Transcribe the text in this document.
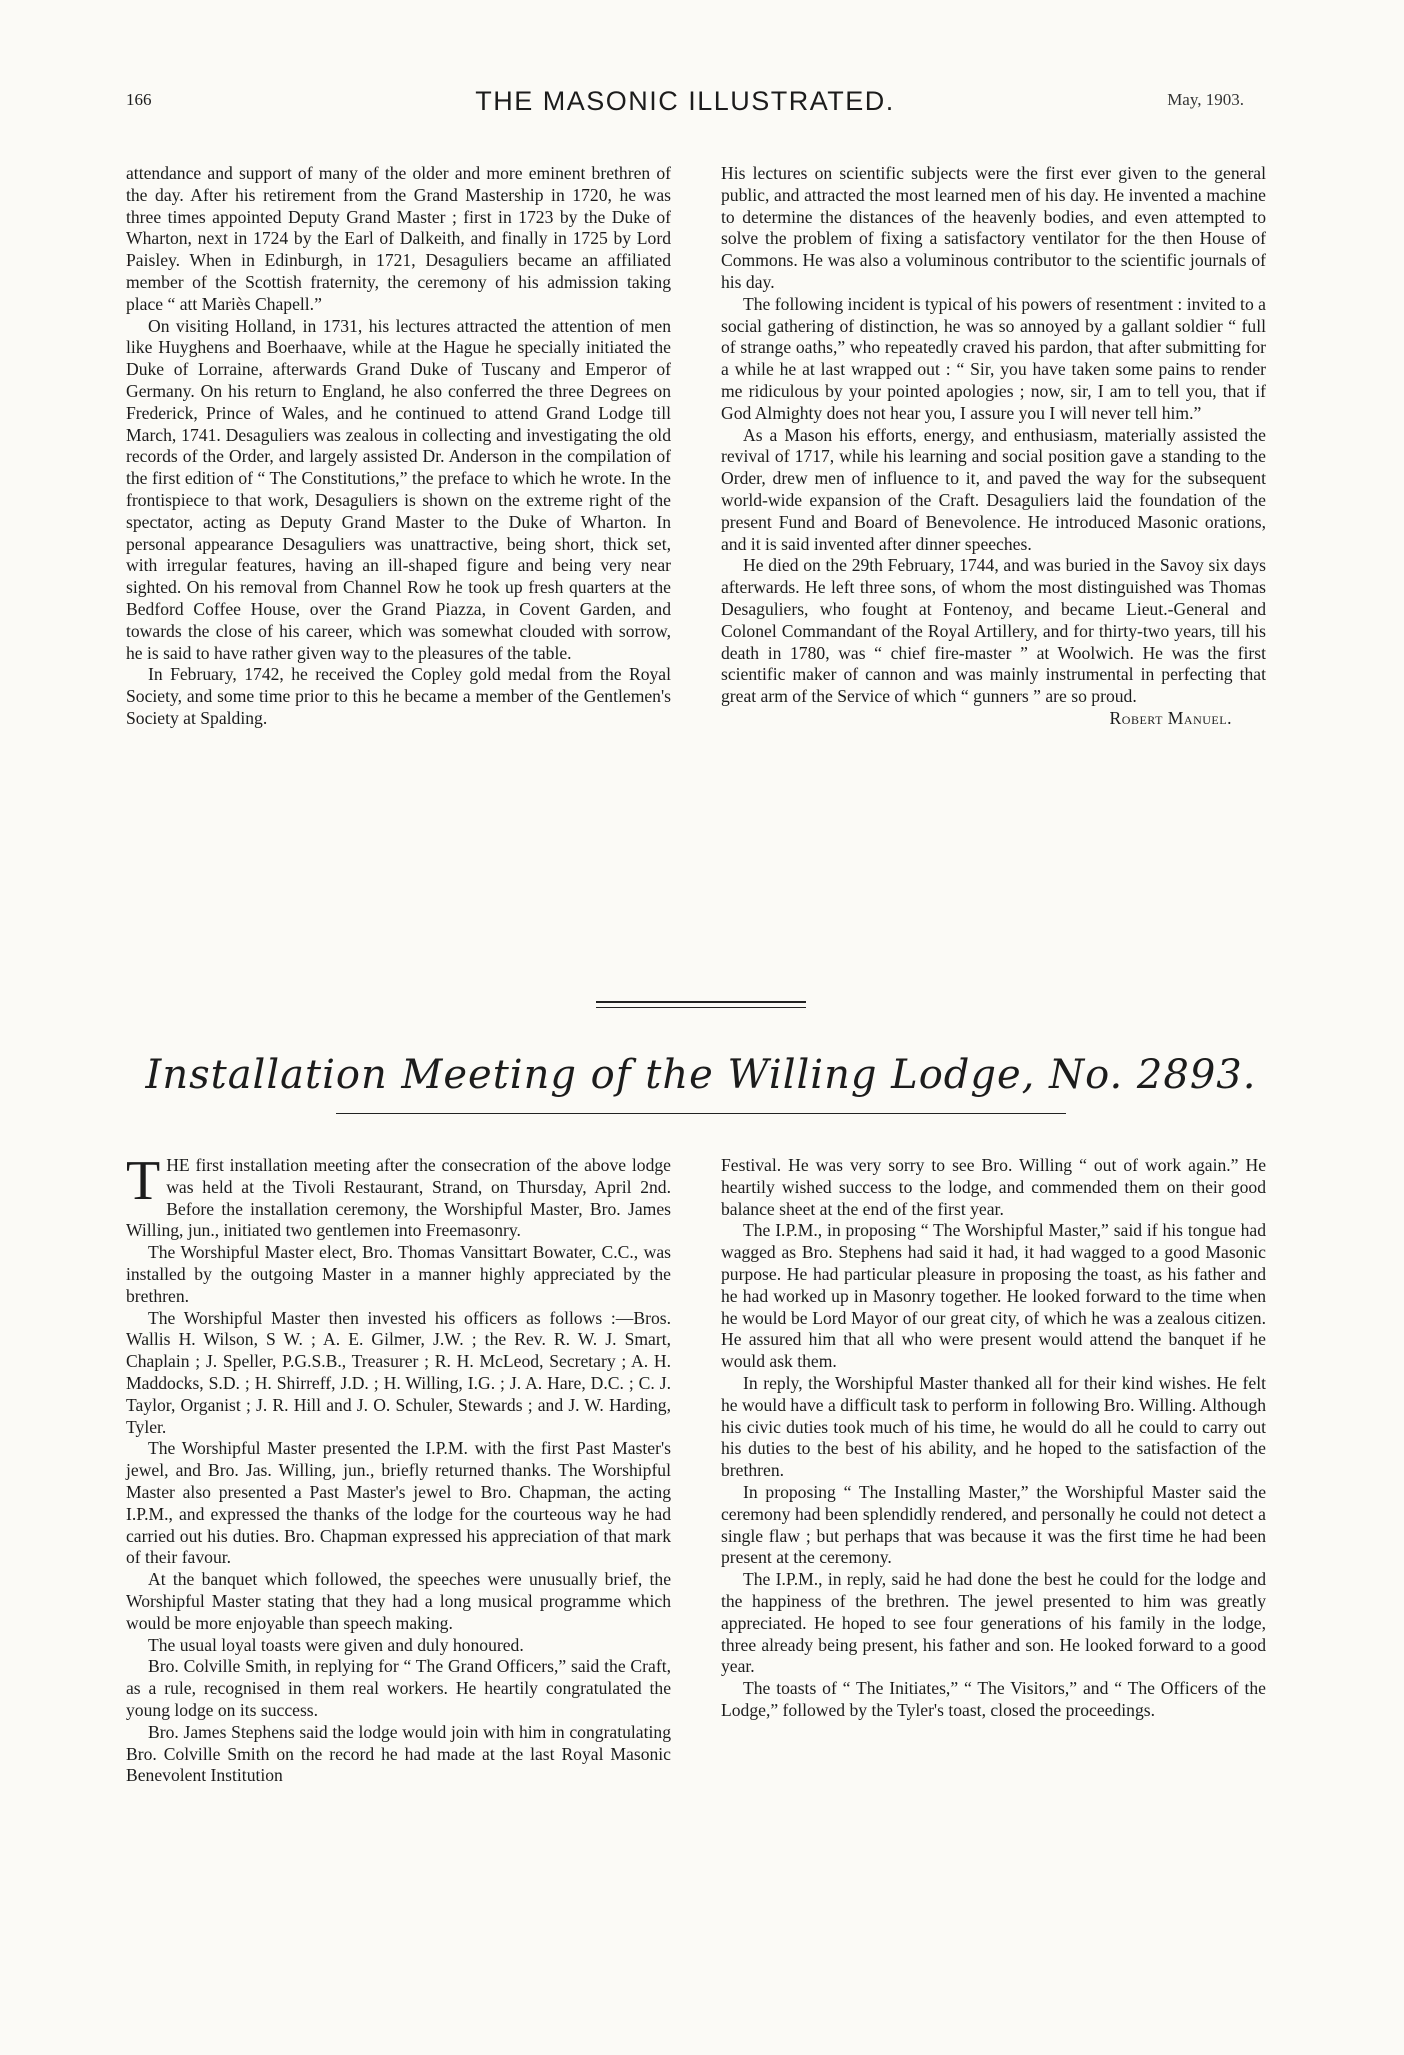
166	THE MASONIC ILLUSTRATED.	May, 1903.

attendance and support of many of the older and more eminent brethren of the day. After his retirement from the Grand Mastership in 1720, he was three times appointed Deputy Grand Master ; first in 1723 by the Duke of Wharton, next in 1724 by the Earl of Dalkeith, and finally in 1725 by Lord Paisley. When in Edinburgh, in 1721, Desaguliers became an affiliated member of the Scottish fraternity, the ceremony of his admission taking place “ att Mariès Chapell.”

On visiting Holland, in 1731, his lectures attracted the attention of men like Huyghens and Boerhaave, while at the Hague he specially initiated the Duke of Lorraine, afterwards Grand Duke of Tuscany and Emperor of Germany. On his return to England, he also conferred the three Degrees on Frederick, Prince of Wales, and he continued to attend Grand Lodge till March, 1741. Desaguliers was zealous in collecting and investigating the old records of the Order, and largely assisted Dr. Anderson in the compilation of the first edition of “ The Constitutions,” the preface to which he wrote. In the frontispiece to that work, Desaguliers is shown on the extreme right of the spectator, acting as Deputy Grand Master to the Duke of Wharton. In personal appearance Desaguliers was unattractive, being short, thick set, with irregular features, having an ill-shaped figure and being very near sighted. On his removal from Channel Row he took up fresh quarters at the Bedford Coffee House, over the Grand Piazza, in Covent Garden, and towards the close of his career, which was somewhat clouded with sorrow, he is said to have rather given way to the pleasures of the table.

In February, 1742, he received the Copley gold medal from the Royal Society, and some time prior to this he became a member of the Gentlemen's Society at Spalding.

His lectures on scientific subjects were the first ever given to the general public, and attracted the most learned men of his day. He invented a machine to determine the distances of the heavenly bodies, and even attempted to solve the problem of fixing a satisfactory ventilator for the then House of Commons. He was also a voluminous contributor to the scientific journals of his day.

The following incident is typical of his powers of resentment : invited to a social gathering of distinction, he was so annoyed by a gallant soldier “ full of strange oaths,” who repeatedly craved his pardon, that after submitting for a while he at last wrapped out : “ Sir, you have taken some pains to render me ridiculous by your pointed apologies ; now, sir, I am to tell you, that if God Almighty does not hear you, I assure you I will never tell him.”

As a Mason his efforts, energy, and enthusiasm, materially assisted the revival of 1717, while his learning and social position gave a standing to the Order, drew men of influence to it, and paved the way for the subsequent world-wide expansion of the Craft. Desaguliers laid the foundation of the present Fund and Board of Benevolence. He introduced Masonic orations, and it is said invented after dinner speeches.

He died on the 29th February, 1744, and was buried in the Savoy six days afterwards. He left three sons, of whom the most distinguished was Thomas Desaguliers, who fought at Fontenoy, and became Lieut.-General and Colonel Commandant of the Royal Artillery, and for thirty-two years, till his death in 1780, was “ chief fire-master ” at Woolwich. He was the first scientific maker of cannon and was mainly instrumental in perfecting that great arm of the Service of which “ gunners ” are so proud.

Robert Manuel.
Installation Meeting of the Willing Lodge, No. 2893.

THE first installation meeting after the consecration of the above lodge was held at the Tivoli Restaurant, Strand, on Thursday, April 2nd. Before the installation ceremony, the Worshipful Master, Bro. James Willing, jun., initiated two gentlemen into Freemasonry.

The Worshipful Master elect, Bro. Thomas Vansittart Bowater, C.C., was installed by the outgoing Master in a manner highly appreciated by the brethren.

The Worshipful Master then invested his officers as follows :—Bros. Wallis H. Wilson, S W. ; A. E. Gilmer, J.W. ; the Rev. R. W. J. Smart, Chaplain ; J. Speller, P.G.S.B., Treasurer ; R. H. McLeod, Secretary ; A. H. Maddocks, S.D. ; H. Shirreff, J.D. ; H. Willing, I.G. ; J. A. Hare, D.C. ; C. J. Taylor, Organist ; J. R. Hill and J. O. Schuler, Stewards ; and J. W. Harding, Tyler.

The Worshipful Master presented the I.P.M. with the first Past Master's jewel, and Bro. Jas. Willing, jun., briefly returned thanks. The Worshipful Master also presented a Past Master's jewel to Bro. Chapman, the acting I.P.M., and expressed the thanks of the lodge for the courteous way he had carried out his duties. Bro. Chapman expressed his appreciation of that mark of their favour.

At the banquet which followed, the speeches were unusually brief, the Worshipful Master stating that they had a long musical programme which would be more enjoyable than speech making.

The usual loyal toasts were given and duly honoured.

Bro. Colville Smith, in replying for “ The Grand Officers,” said the Craft, as a rule, recognised in them real workers. He heartily congratulated the young lodge on its success.

Bro. James Stephens said the lodge would join with him in congratulating Bro. Colville Smith on the record he had made at the last Royal Masonic Benevolent Institution

Festival. He was very sorry to see Bro. Willing “ out of work again.” He heartily wished success to the lodge, and commended them on their good balance sheet at the end of the first year.

The I.P.M., in proposing “ The Worshipful Master,” said if his tongue had wagged as Bro. Stephens had said it had, it had wagged to a good Masonic purpose. He had particular pleasure in proposing the toast, as his father and he had worked up in Masonry together. He looked forward to the time when he would be Lord Mayor of our great city, of which he was a zealous citizen. He assured him that all who were present would attend the banquet if he would ask them.

In reply, the Worshipful Master thanked all for their kind wishes. He felt he would have a difficult task to perform in following Bro. Willing. Although his civic duties took much of his time, he would do all he could to carry out his duties to the best of his ability, and he hoped to the satisfaction of the brethren.

In proposing “ The Installing Master,” the Worshipful Master said the ceremony had been splendidly rendered, and personally he could not detect a single flaw ; but perhaps that was because it was the first time he had been present at the ceremony.

The I.P.M., in reply, said he had done the best he could for the lodge and the happiness of the brethren. The jewel presented to him was greatly appreciated. He hoped to see four generations of his family in the lodge, three already being present, his father and son. He looked forward to a good year.

The toasts of “ The Initiates,” “ The Visitors,” and “ The Officers of the Lodge,” followed by the Tyler's toast, closed the proceedings.
